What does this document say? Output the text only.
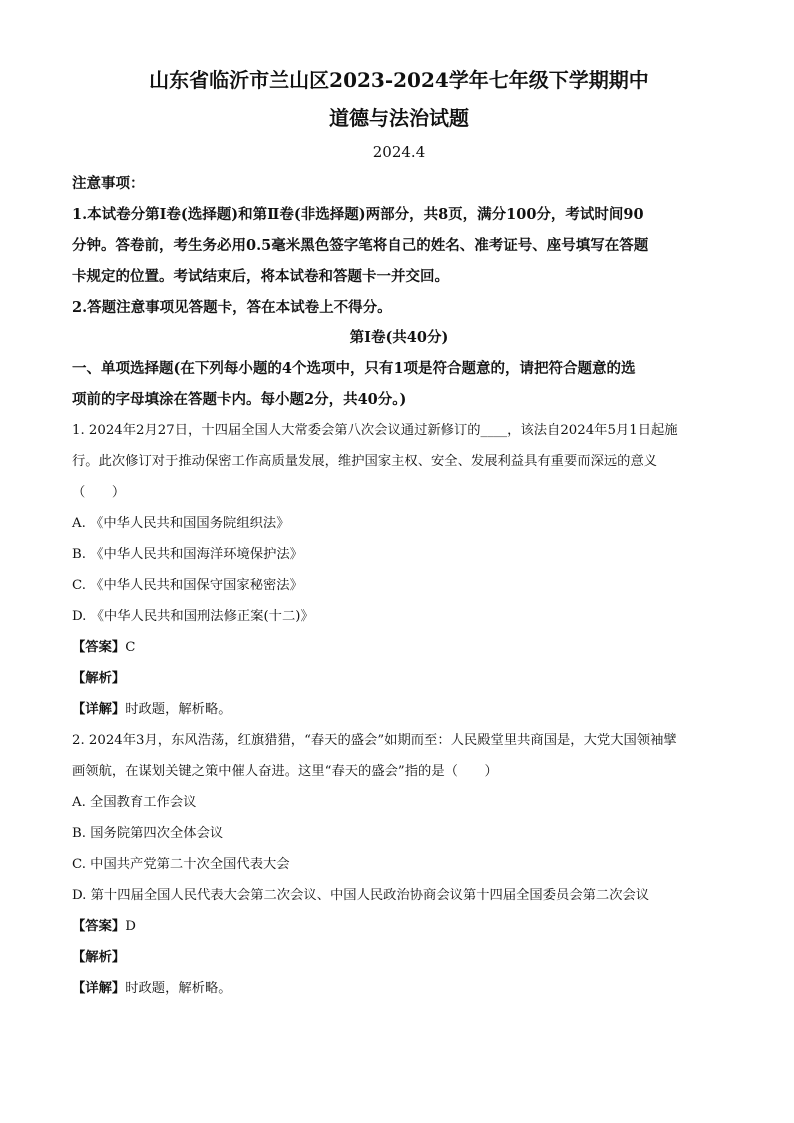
山东省临沂市兰山区2023-2024学年七年级下学期期中
道德与法治试题
2024.4
注意事项：
1.本试卷分第Ⅰ卷(选择题)和第Ⅱ卷(非选择题)两部分，共8页，满分100分，考试时间90
分钟。答卷前，考生务必用0.5毫米黑色签字笔将自己的姓名、准考证号、座号填写在答题
卡规定的位置。考试结束后，将本试卷和答题卡一并交回。
2.答题注意事项见答题卡，答在本试卷上不得分。
第Ⅰ卷(共40分)
一、单项选择题(在下列每小题的4个选项中，只有1项是符合题意的，请把符合题意的选
项前的字母填涂在答题卡内。每小题2分，共40分。)
1. 2024年2月27日，十四届全国人大常委会第八次会议通过新修订的____，该法自2024年5月1日起施
行。此次修订对于推动保密工作高质量发展，维护国家主权、安全、发展利益具有重要而深远的意义
（　　）
A. 《中华人民共和国国务院组织法》
B. 《中华人民共和国海洋环境保护法》
C. 《中华人民共和国保守国家秘密法》
D. 《中华人民共和国刑法修正案(十二)》
【答案】C
【解析】
【详解】时政题，解析略。
2. 2024年3月，东风浩荡，红旗猎猎，“春天的盛会”如期而至：人民殿堂里共商国是，大党大国领袖擘
画领航，在谋划关键之策中催人奋进。这里“春天的盛会”指的是（　　）
A. 全国教育工作会议
B. 国务院第四次全体会议
C. 中国共产党第二十次全国代表大会
D. 第十四届全国人民代表大会第二次会议、中国人民政治协商会议第十四届全国委员会第二次会议
【答案】D
【解析】
【详解】时政题，解析略。
